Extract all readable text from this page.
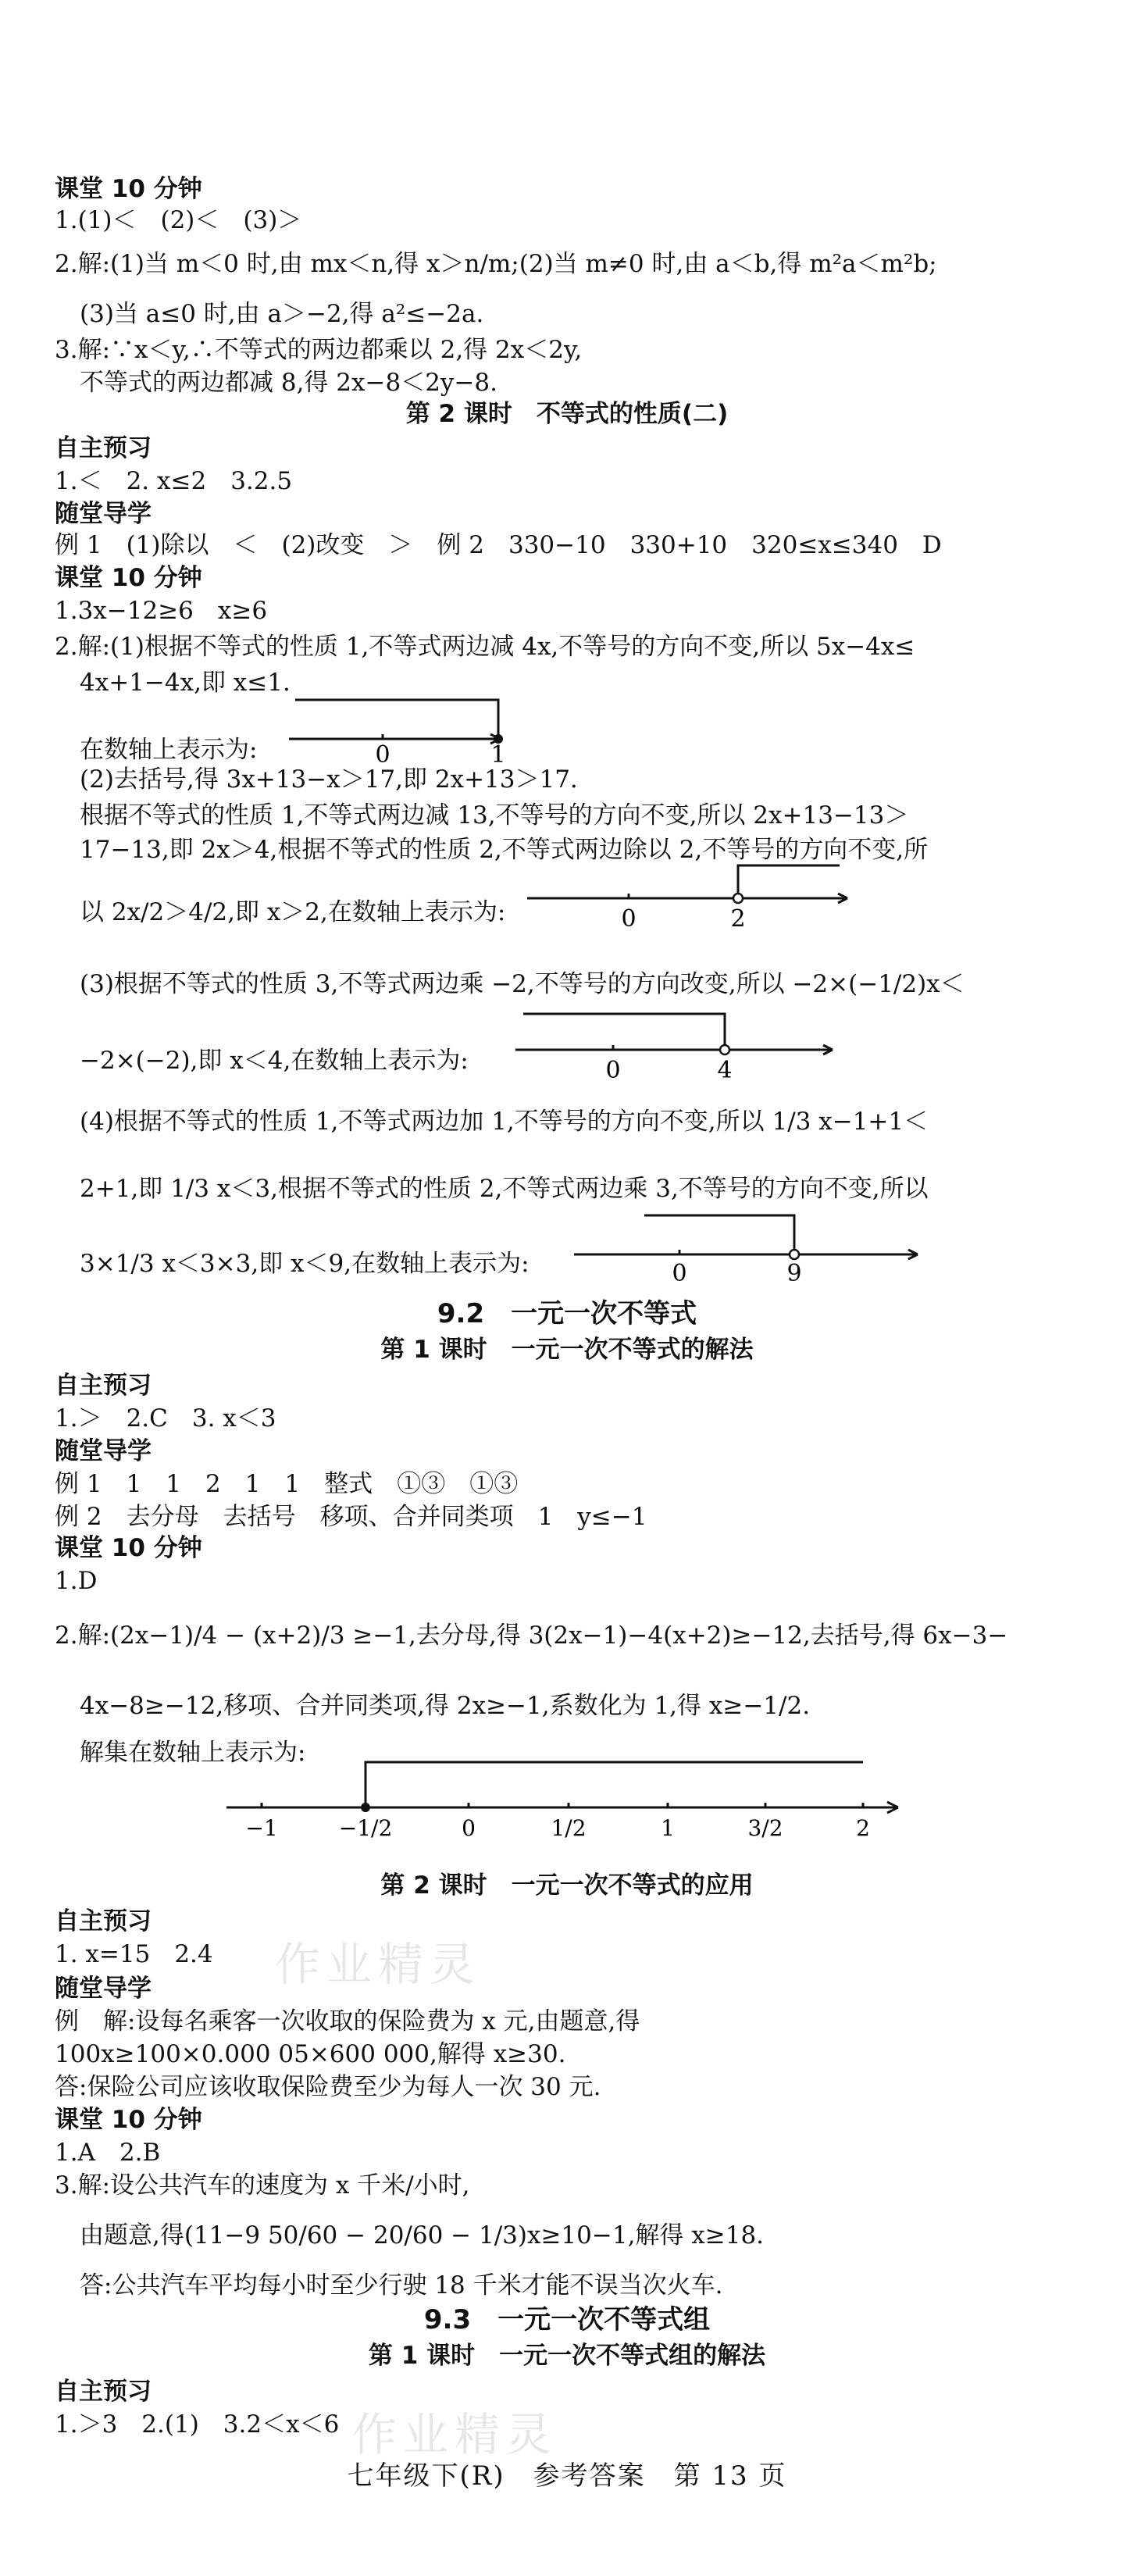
课堂 10 分钟
1.(1)＜　(2)＜　(3)＞
2.解:(1)当 m＜0 时,由 mx＜n,得 x＞n/m;(2)当 m≠0 时,由 a＜b,得 m²a＜m²b;
(3)当 a≤0 时,由 a＞−2,得 a²≤−2a.
3.解:∵x＜y,∴不等式的两边都乘以 2,得 2x＜2y,
不等式的两边都减 8,得 2x−8＜2y−8.
第 2 课时　不等式的性质(二)
自主预习
1.＜　2. x≤2　3.2.5
随堂导学
例 1　(1)除以　＜　(2)改变　＞　例 2　330−10　330+10　320≤x≤340　D
课堂 10 分钟
1.3x−12≥6　x≥6
2.解:(1)根据不等式的性质 1,不等式两边减 4x,不等号的方向不变,所以 5x−4x≤
4x+1−4x,即 x≤1.
在数轴上表示为:	0	1
(2)去括号,得 3x+13−x＞17,即 2x+13＞17.
根据不等式的性质 1,不等式两边减 13,不等号的方向不变,所以 2x+13−13＞
17−13,即 2x＞4,根据不等式的性质 2,不等式两边除以 2,不等号的方向不变,所
以 2x/2＞4/2,即 x＞2,在数轴上表示为:	0	2
(3)根据不等式的性质 3,不等式两边乘 −2,不等号的方向改变,所以 −2×(−1/2)x＜
−2×(−2),即 x＜4,在数轴上表示为:	0	4
(4)根据不等式的性质 1,不等式两边加 1,不等号的方向不变,所以 1/3 x−1+1＜
2+1,即 1/3 x＜3,根据不等式的性质 2,不等式两边乘 3,不等号的方向不变,所以
3×1/3 x＜3×3,即 x＜9,在数轴上表示为:	0	9
9.2　一元一次不等式
第 1 课时　一元一次不等式的解法
自主预习
1.＞　2.C　3. x＜3
随堂导学
例 1　1　1　2　1　1　整式　①③　①③
例 2　去分母　去括号　移项、合并同类项　1　y≤−1
课堂 10 分钟
1.D
2.解:(2x−1)/4 − (x+2)/3 ≥−1,去分母,得 3(2x−1)−4(x+2)≥−12,去括号,得 6x−3−
4x−8≥−12,移项、合并同类项,得 2x≥−1,系数化为 1,得 x≥−1/2.
解集在数轴上表示为:
−1	−1/2	0	1/2	1	3/2	2
第 2 课时　一元一次不等式的应用
自主预习
1. x=15　2.4
随堂导学
例　解:设每名乘客一次收取的保险费为 x 元,由题意,得
100x≥100×0.000 05×600 000,解得 x≥30.
答:保险公司应该收取保险费至少为每人一次 30 元.
课堂 10 分钟
1.A　2.B
3.解:设公共汽车的速度为 x 千米/小时,
由题意,得(11−9 50/60 − 20/60 − 1/3)x≥10−1,解得 x≥18.
答:公共汽车平均每小时至少行驶 18 千米才能不误当次火车.
9.3　一元一次不等式组
第 1 课时　一元一次不等式组的解法
自主预习
1.＞3　2.(1)　3.2＜x＜6
七年级下(R)　参考答案　第 13 页
作业精灵
作业精灵
